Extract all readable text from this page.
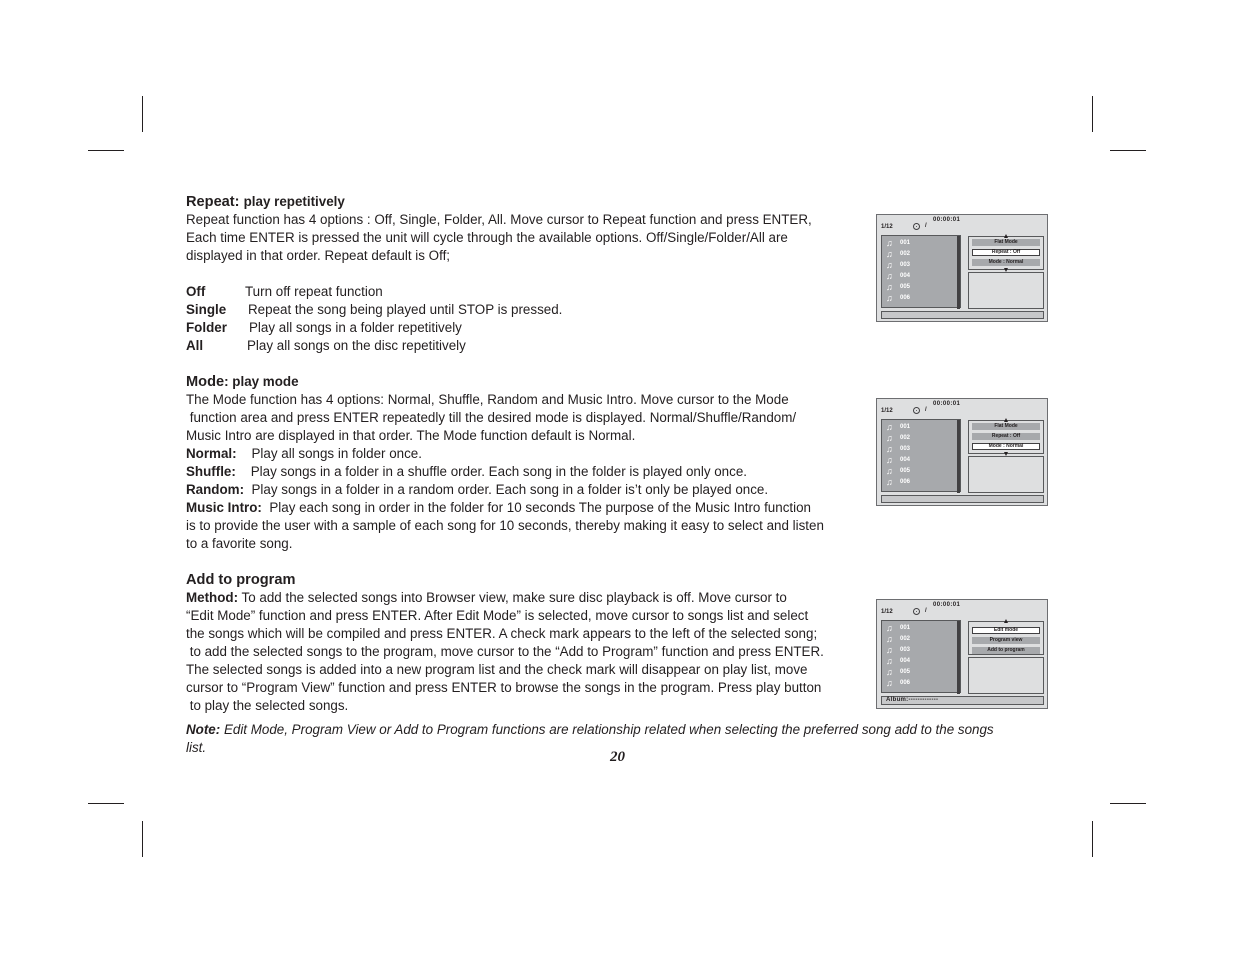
Repeat: play repetitively

Repeat function has 4 options : Off, Single, Folder, All. Move cursor to Repeat function and press ENTER,

Each time ENTER is pressed the unit will cycle through the available options. Off/Single/Folder/All are

displayed in that order. Repeat default is Off;

Off	Turn off repeat function
Single	Repeat the song being played until STOP is pressed.
Folder	Play all songs in a folder repetitively
All	Play all songs on the disc repetitively

Mode: play mode

The Mode function has 4 options: Normal, Shuffle, Random and Music Intro. Move cursor to the Mode

function area and press ENTER repeatedly till the desired mode is displayed. Normal/Shuffle/Random/

Music Intro are displayed in that order. The Mode function default is Normal.

Normal: Play all songs in folder once.

Shuffle: Play songs in a folder in a shuffle order. Each song in the folder is played only once.

Random: Play songs in a folder in a random order. Each song in a folder is’t only be played once.

Music Intro: Play each song in order in the folder for 10 seconds The purpose of the Music Intro function

is to provide the user with a sample of each song for 10 seconds, thereby making it easy to select and listen

to a favorite song.

Add to program

Method: To add the selected songs into Browser view, make sure disc playback is off. Move cursor to

“Edit Mode” function and press ENTER. After Edit Mode” is selected, move cursor to songs list and select

the songs which will be compiled and press ENTER. A check mark appears to the left of the selected song;

to add the selected songs to the program, move cursor to the “Add to Program” function and press ENTER.

The selected songs is added into a new program list and the check mark will disappear on play list, move

cursor to “Program View” function and press ENTER to browse the songs in the program. Press play button

to play the selected songs.

Note: Edit Mode, Program View or Add to Program functions are relationship related when selecting the preferred song add to the songs

list.

20
00:00:01
1/12	/
♫	001
♫	002
♫	003
♫	004
♫	005
♫	006
Flat Mode
Repeat : Off
Mode : Normal
00:00:01
1/12	/
♫	001
♫	002
♫	003
♫	004
♫	005
♫	006
Flat Mode
Repeat : Off
Mode : Normal
00:00:01
1/12	/
♫	001
♫	002
♫	003
♫	004
♫	005
♫	006
Edit mode
Program view
Add to program
Album:-------------
